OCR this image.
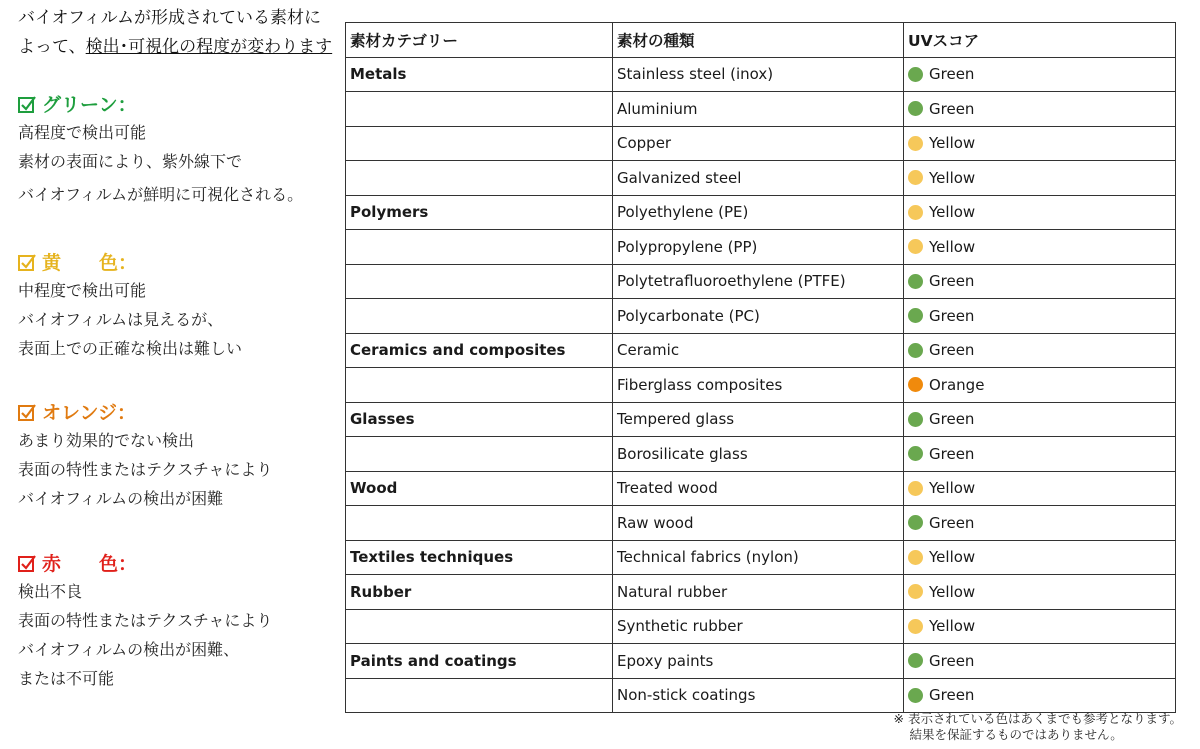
バイオフィルムが形成されている素材に
よって、検出･可視化の程度が変わります
グリーン：
高程度で検出可能
素材の表面により、紫外線下で
バイオフィルムが鮮明に可視化される。
黄　　色：
中程度で検出可能
バイオフィルムは見えるが、
表面上での正確な検出は難しい
オレンジ：
あまり効果的でない検出
表面の特性またはテクスチャにより
バイオフィルムの検出が困難
赤　　色：
検出不良
表面の特性またはテクスチャにより
バイオフィルムの検出が困難、
または不可能
素材カテゴリー	素材の種類	UVスコア
Metals	Stainless steel (inox)	Green

	Aluminium	Green

	Copper	Yellow

	Galvanized steel	Yellow

Polymers	Polyethylene (PE)	Yellow

	Polypropylene (PP)	Yellow

	Polytetrafluoroethylene (PTFE)	Green

	Polycarbonate (PC)	Green

Ceramics and composites	Ceramic	Green

	Fiberglass composites	Orange

Glasses	Tempered glass	Green

	Borosilicate glass	Green

Wood	Treated wood	Yellow

	Raw wood	Green

Textiles techniques	Technical fabrics (nylon)	Yellow

Rubber	Natural rubber	Yellow

	Synthetic rubber	Yellow

Paints and coatings	Epoxy paints	Green

	Non-stick coatings	Green
※ 表示されている色はあくまでも参考となります。
結果を保証するものではありません。
